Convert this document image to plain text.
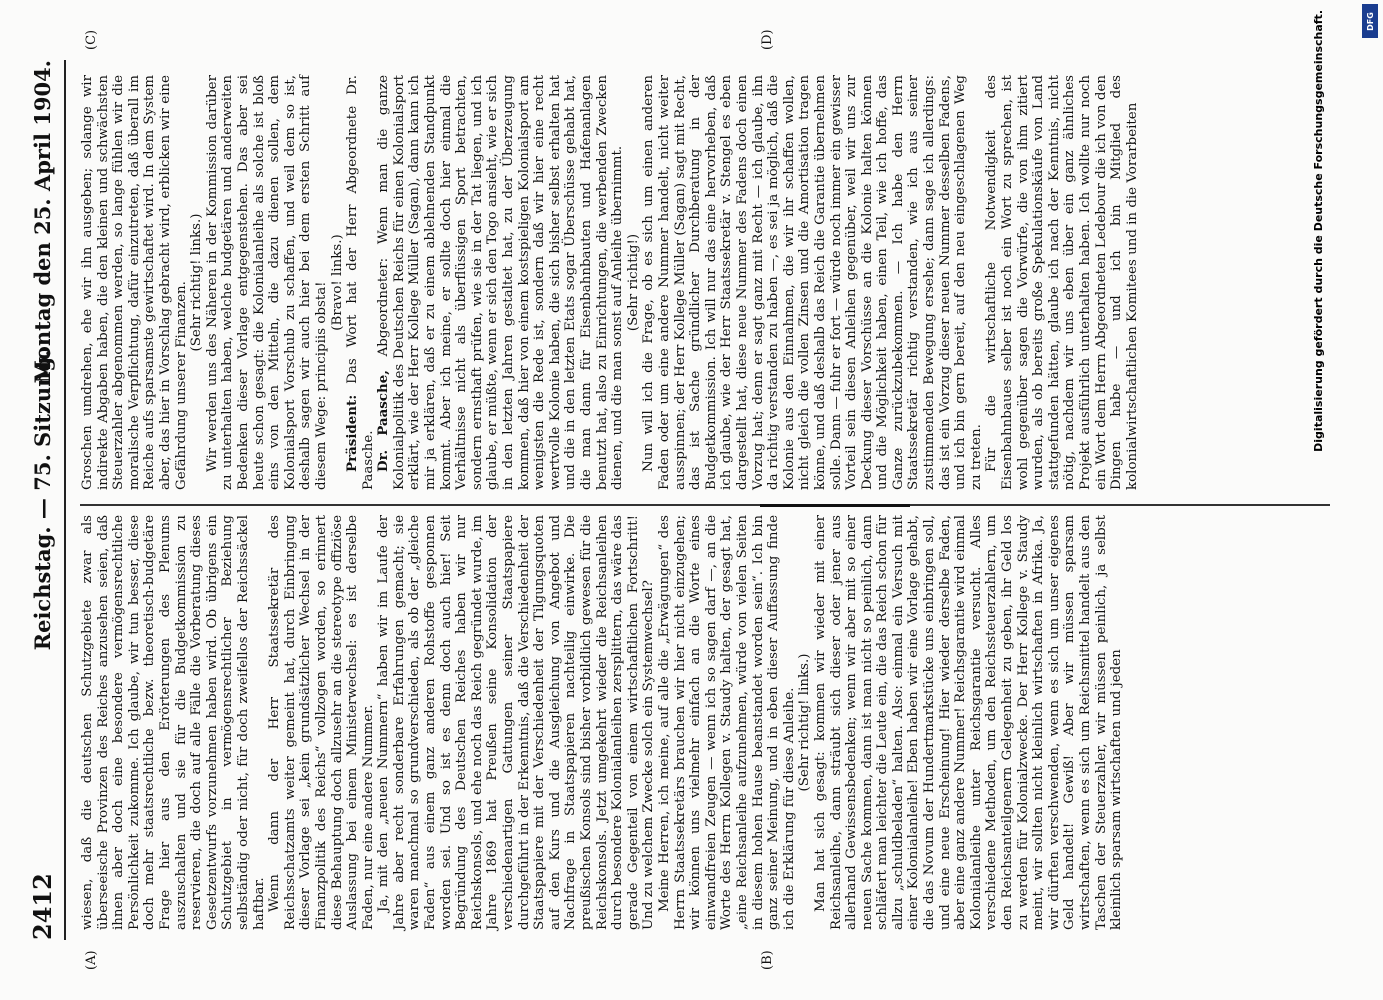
2412
Reichstag. — 75. Sitzung.
Montag den 25. April 1904.
(A)	(B)
(C)	(D)

wiesen, daß die deutschen Schutzgebiete zwar als überseeische Provinzen des Reiches anzusehen seien, daß ihnen aber doch eine besondere vermögensrechtliche Persönlichkeit zukomme. Ich glaube, wir tun besser, diese doch mehr staatsrechtliche bezw. theoretisch-budgetäre Frage hier aus den Erörterungen des Plenums auszuschalten und sie für die Budgetkommission zu reservieren, die doch auf alle Fälle die Vorberatung dieses Gesetzentwurfs vorzunehmen haben wird. Ob übrigens ein Schutzgebiet in vermögensrechtlicher Beziehung selbständig oder nicht, für doch zweifellos der Reichssäckel haftbar. Wenn dann der Herr Staatssekretär des Reichsschatzamts weiter gemeint hat, durch Einbringung dieser Vorlage sei „kein grundsätzlicher Wechsel in der Finanzpolitik des Reichs“ vollzogen worden, so erinnert diese Behauptung doch allzusehr an die stereotype offiziöse Auslassung bei einem Ministerwechsel: es ist derselbe Faden, nur eine andere Nummer. Ja, mit den „neuen Nummern“ haben wir im Laufe der Jahre aber recht sonderbare Erfahrungen gemacht; sie waren manchmal so grundverschieden, als ob der „gleiche Faden“ aus einem ganz anderen Rohstoffe gesponnen worden sei. Und so ist es denn doch auch hier! Seit Begründung des Deutschen Reiches haben wir nur Reichskonsols, und ehe noch das Reich gegründet wurde, im Jahre 1869 hat Preußen seine Konsolidation der verschiedenartigen Gattungen seiner Staatspapiere durchgeführt in der Erkenntnis, daß die Verschiedenheit der Staatspapiere mit der Verschiedenheit der Tilgungsquoten auf den Kurs und die Ausgleichung von Angebot und Nachfrage in Staatspapieren nachteilig einwirke. Die preußischen Konsols sind bisher vorbildlich gewesen für die Reichskonsols. Jetzt umgekehrt wieder die Reichsanleihen durch besondere Kolonialanleihen zersplittern, das wäre das gerade Gegenteil von einem wirtschaftlichen Fortschritt! Und zu welchem Zwecke solch ein Systemwechsel? Meine Herren, ich meine, auf alle die „Erwägungen“ des Herrn Staatssekretärs brauchen wir hier nicht einzugehen; wir können uns vielmehr einfach an die Worte eines einwandfreien Zeugen — wenn ich so sagen darf —, an die Worte des Herrn Kollegen v. Staudy halten, der gesagt hat, „eine Reichsanleihe aufzunehmen, würde von vielen Seiten in diesem hohen Hause beanstandet worden sein“. Ich bin ganz seiner Meinung, und in eben dieser Auffassung finde ich die Erklärung für diese Anleihe. (Sehr richtig! links.) Man hat sich gesagt: kommen wir wieder mit einer Reichsanleihe, dann sträubt sich dieser oder jener aus allerhand Gewissensbedenken; wenn wir aber mit so einer neuen Sache kommen, dann ist man nicht so peinlich, dann schläfert man leichter die Leute ein, die das Reich schon für allzu „schuldbeladen“ halten. Also: einmal ein Versuch mit einer Kolonialanleihe! Eben haben wir eine Vorlage gehabt, die das Novum der Hundertmarkstücke uns einbringen soll, und eine neue Erscheinung! Hier wieder derselbe Faden, aber eine ganz andere Nummer! Reichsgarantie wird einmal Kolonialanleihe unter Reichsgarantie versucht. Alles verschiedene Methoden, um den Reichssteuerzahlern, um den Reichsanteilgenern Gelegenheit zu geben, ihr Geld los zu werden für Kolonialzwecke. Der Herr Kollege v. Staudy meint, wir sollten nicht kleinlich wirtschaften in Afrika. Ja, wir dürften verschwenden, wenn es sich um unser eigenes Geld handelt! Gewiß! Aber wir müssen sparsam wirtschaften, wenn es sich um Reichsmittel handelt aus den Taschen der Steuerzahler, wir müssen peinlich, ja selbst kleinlich sparsam wirtschaften und jeden

Groschen umdrehen, ehe wir ihn ausgeben; solange wir indirekte Abgaben haben, die den kleinen und schwächsten Steuerzahler abgenommen werden, so lange fühlen wir die moralische Verpflichtung, dafür einzutreten, daß überall im Reiche aufs sparsamste gewirtschaftet wird. In dem System aber, das hier in Vorschlag gebracht wird, erblicken wir eine Gefährdung unserer Finanzen. (Sehr richtig! links.) Wir werden uns des Näheren in der Kommission darüber zu unterhalten haben, welche budgetären und anderweiten Bedenken dieser Vorlage entgegenstehen. Das aber sei heute schon gesagt: die Kolonialanleihe als solche ist bloß eins von den Mitteln, die dazu dienen sollen, dem Kolonialsport Vorschub zu schaffen, und weil dem so ist, deshalb sagen wir auch hier bei dem ersten Schritt auf diesem Wege: principiis obsta! (Bravo! links.)

Präsident: Das Wort hat der Herr Abgeordnete Dr. Paasche. Dr. Paasche, Abgeordneter: Wenn man die ganze Kolonialpolitik des Deutschen Reichs für einen Kolonialsport erklärt, wie der Herr Kollege Müller (Sagan), dann kann ich mir ja erklären, daß er zu einem ablehnenden Standpunkt kommt. Aber ich meine, er sollte doch hier einmal die Verhältnisse nicht als überflüssigen Sport betrachten, sondern ernsthaft prüfen, wie sie in der Tat liegen, und ich glaube, er müßte, wenn er sich den Togo ansieht, wie er sich in den letzten Jahren gestaltet hat, zu der Überzeugung kommen, daß hier von einem kostspieligen Kolonialsport am wenigsten die Rede ist, sondern daß wir hier eine recht wertvolle Kolonie haben, die sich bisher selbst erhalten hat und die in den letzten Etats sogar Überschüsse gehabt hat, die man dann für Eisenbahnbauten und Hafenanlagen benutzt hat, also zu Einrichtungen, die werbenden Zwecken dienen, und die man sonst auf Anleihe übernimmt. (Sehr richtig!) Nun will ich die Frage, ob es sich um einen anderen Faden oder um eine andere Nummer handelt, nicht weiter ausspinnen; der Herr Kollege Müller (Sagan) sagt mit Recht, das ist Sache gründlicher Durchberatung in der Budgetkommission. Ich will nur das eine hervorheben, daß ich glaube, wie der Herr Staatssekretär v. Stengel es eben dargestellt hat, diese neue Nummer des Fadens doch einen Vorzug hat; denn er sagt ganz mit Recht — ich glaube, ihn da richtig verstanden zu haben —, es sei ja möglich, daß die Kolonie aus den Einnahmen, die wir ihr schaffen wollen, nicht gleich die vollen Zinsen und die Amortisation tragen könne, und daß deshalb das Reich die Garantie übernehmen solle. Dann — fuhr er fort — würde noch immer ein gewisser Vorteil sein diesen Anleihen gegenüber, weil wir uns zur Deckung dieser Vorschüsse an die Kolonie halten können und die Möglichkeit haben, einen Teil, wie ich hoffe, das Ganze zurückzubekommen. — Ich habe den Herrn Staatssekretär richtig verstanden, wie ich aus seiner zustimmenden Bewegung ersehe; dann sage ich allerdings: das ist ein Vorzug dieser neuen Nummer desselben Fadens, und ich bin gern bereit, auf den neu eingeschlagenen Weg zu treten. Für die wirtschaftliche Notwendigkeit des Eisenbahnbaues selber ist noch ein Wort zu sprechen, ist wohl gegenüber sagen die Vorwürfe, die von ihm zitiert wurden, als ob bereits große Spekulationskäufe von Land stattgefunden hätten, glaube ich nach der Kenntnis, nicht nötig, nachdem wir uns eben über ein ganz ähnliches Projekt ausführlich unterhalten haben. Ich wollte nur noch ein Wort dem Herrn Abgeordneten Ledebour die ich von den Dingen habe — und ich bin Mitglied des kolonialwirtschaftlichen Komitees und in die Vorarbeiten

DFG
Digitalisierung gefördert durch die Deutsche Forschungsgemeinschaft.
